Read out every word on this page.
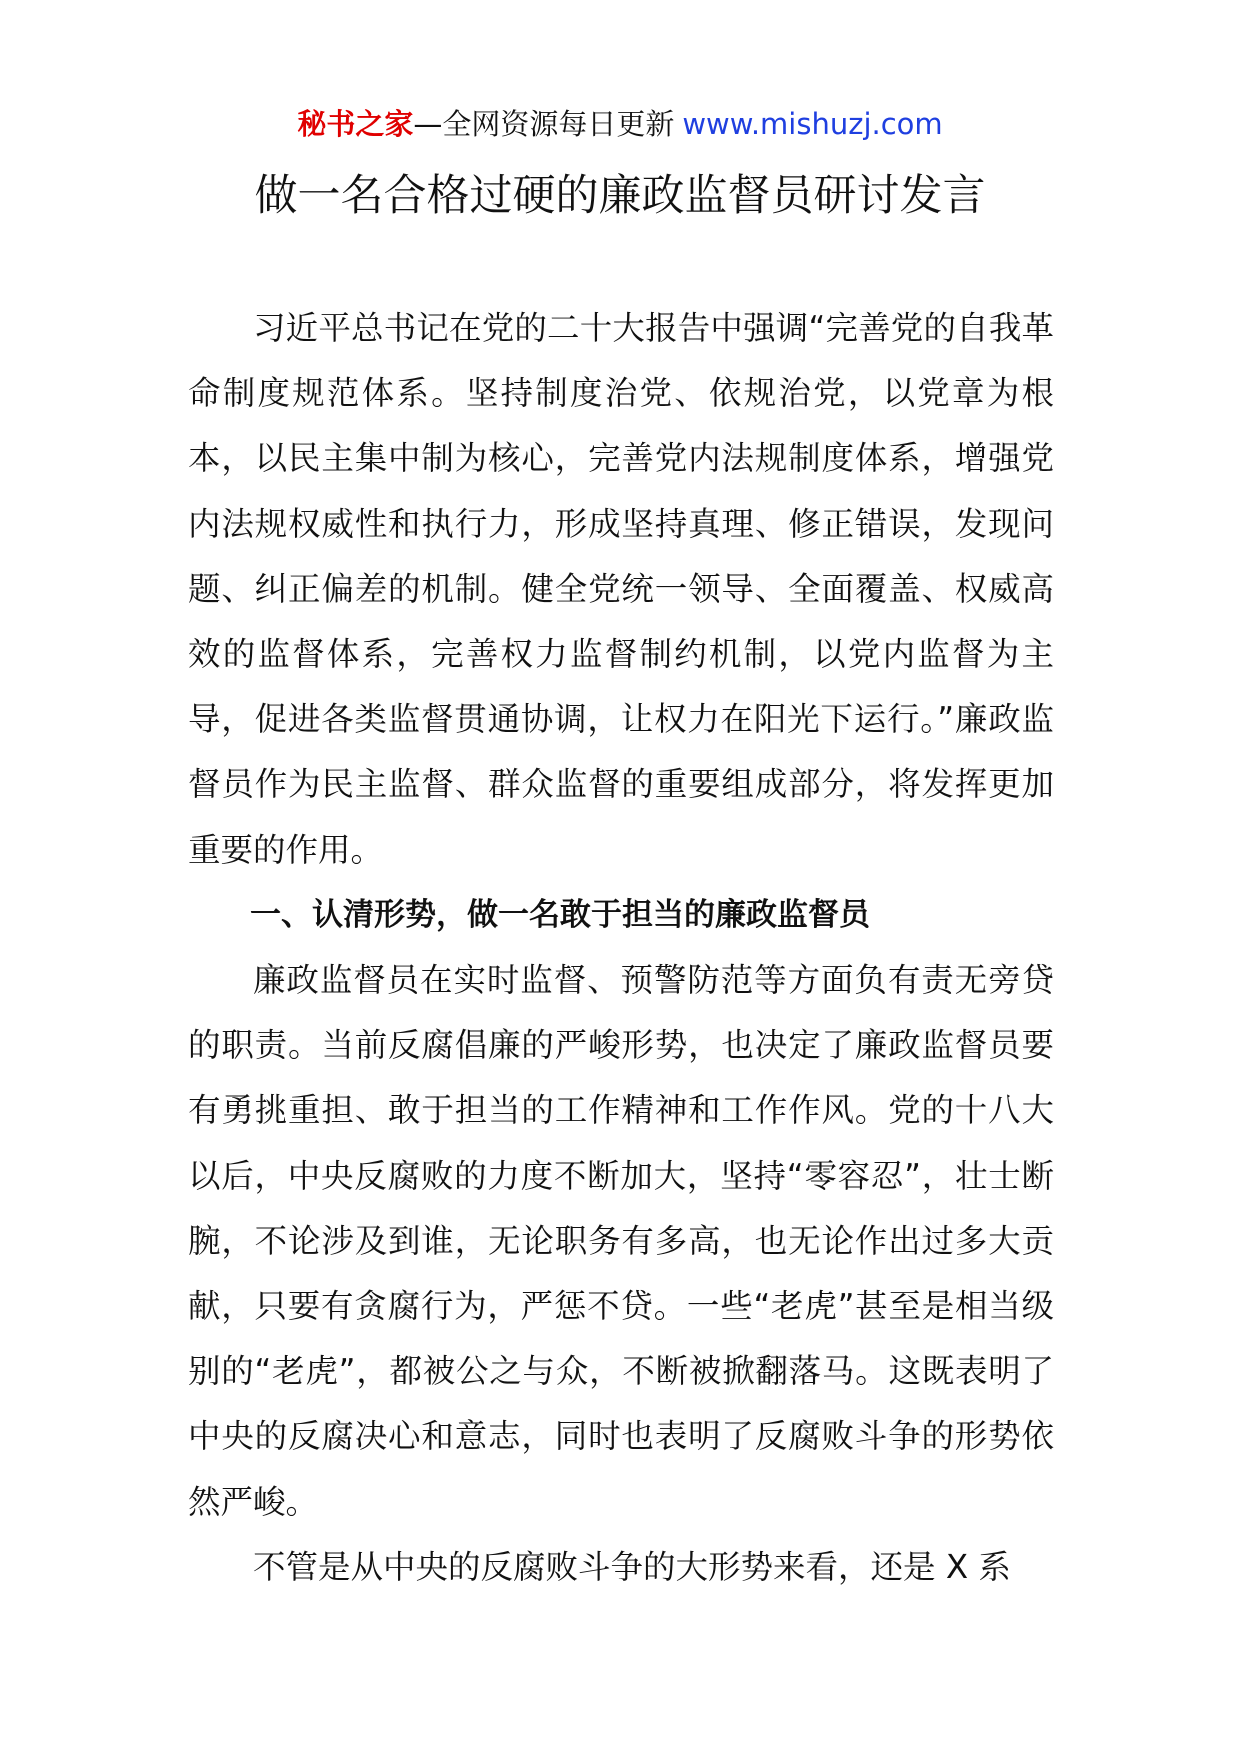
秘书之家—全网资源每日更新 www.mishuzj.com
做一名合格过硬的廉政监督员研讨发言

习近平总书记在党的二十大报告中强调“完善党的自我革命制度规范体系。坚持制度治党、依规治党，以党章为根本，以民主集中制为核心，完善党内法规制度体系，增强党内法规权威性和执行力，形成坚持真理、修正错误，发现问题、纠正偏差的机制。健全党统一领导、全面覆盖、权威高效的监督体系，完善权力监督制约机制，以党内监督为主导，促进各类监督贯通协调，让权力在阳光下运行。”廉政监督员作为民主监督、群众监督的重要组成部分，将发挥更加重要的作用。

一、认清形势，做一名敢于担当的廉政监督员

廉政监督员在实时监督、预警防范等方面负有责无旁贷的职责。当前反腐倡廉的严峻形势，也决定了廉政监督员要有勇挑重担、敢于担当的工作精神和工作作风。党的十八大以后，中央反腐败的力度不断加大，坚持“零容忍”，壮士断腕，不论涉及到谁，无论职务有多高，也无论作出过多大贡献，只要有贪腐行为，严惩不贷。一些“老虎”甚至是相当级别的“老虎”，都被公之与众，不断被掀翻落马。这既表明了中央的反腐决心和意志，同时也表明了反腐败斗争的形势依然严峻。

不管是从中央的反腐败斗争的大形势来看，还是 X 系
